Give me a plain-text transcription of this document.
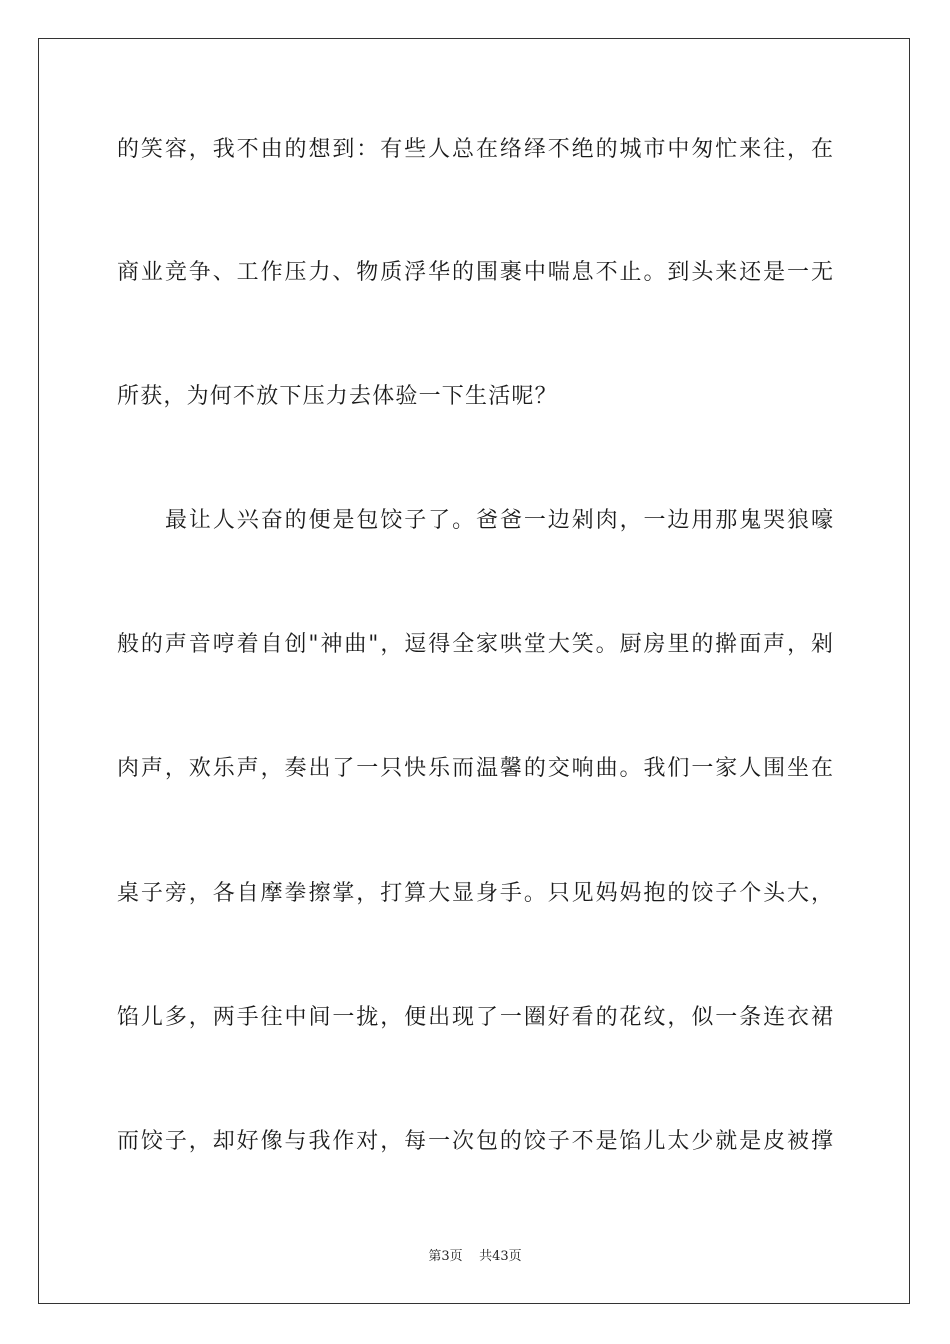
的笑容，我不由的想到：有些人总在络绎不绝的城市中匆忙来往，在
商业竞争、工作压力、物质浮华的围裹中喘息不止。到头来还是一无
所获，为何不放下压力去体验一下生活呢？
最让人兴奋的便是包饺子了。爸爸一边剁肉，一边用那鬼哭狼嚎
般的声音哼着自创"神曲"，逗得全家哄堂大笑。厨房里的擀面声，剁
肉声，欢乐声，奏出了一只快乐而温馨的交响曲。我们一家人围坐在
桌子旁，各自摩拳擦掌，打算大显身手。只见妈妈抱的饺子个头大，
馅儿多，两手往中间一拢，便出现了一圈好看的花纹，似一条连衣裙
而饺子，却好像与我作对，每一次包的饺子不是馅儿太少就是皮被撑
第3页 共43页
